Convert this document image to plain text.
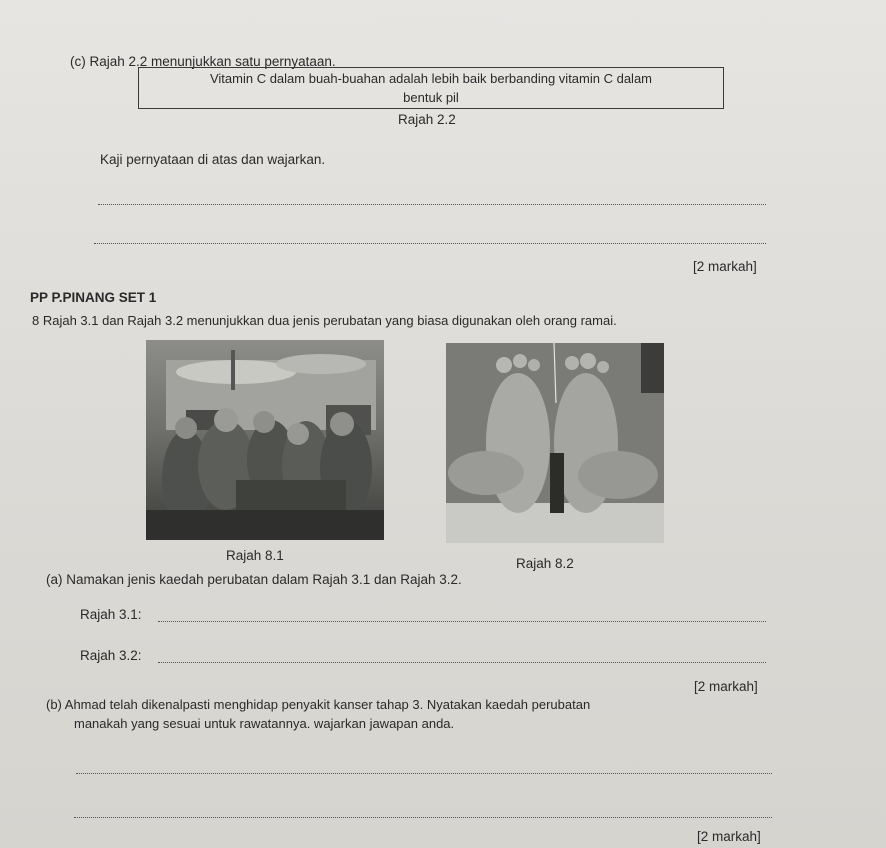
(c) Rajah 2.2 menunjukkan satu pernyataan.
Vitamin C dalam buah-buahan adalah lebih baik berbanding vitamin C dalam
bentuk pil
Rajah 2.2
Kaji pernyataan di atas dan wajarkan.
[2 markah]
PP P.PINANG SET 1
8 Rajah 3.1 dan Rajah 3.2 menunjukkan dua jenis perubatan yang biasa digunakan oleh orang ramai.
Rajah 8.1
Rajah 8.2
(a) Namakan jenis kaedah perubatan dalam Rajah 3.1 dan Rajah 3.2.
Rajah 3.1:
Rajah 3.2:
[2 markah]
(b) Ahmad telah dikenalpasti menghidap penyakit kanser tahap 3. Nyatakan kaedah perubatan
manakah yang sesuai untuk rawatannya. wajarkan jawapan anda.
[2 markah]
